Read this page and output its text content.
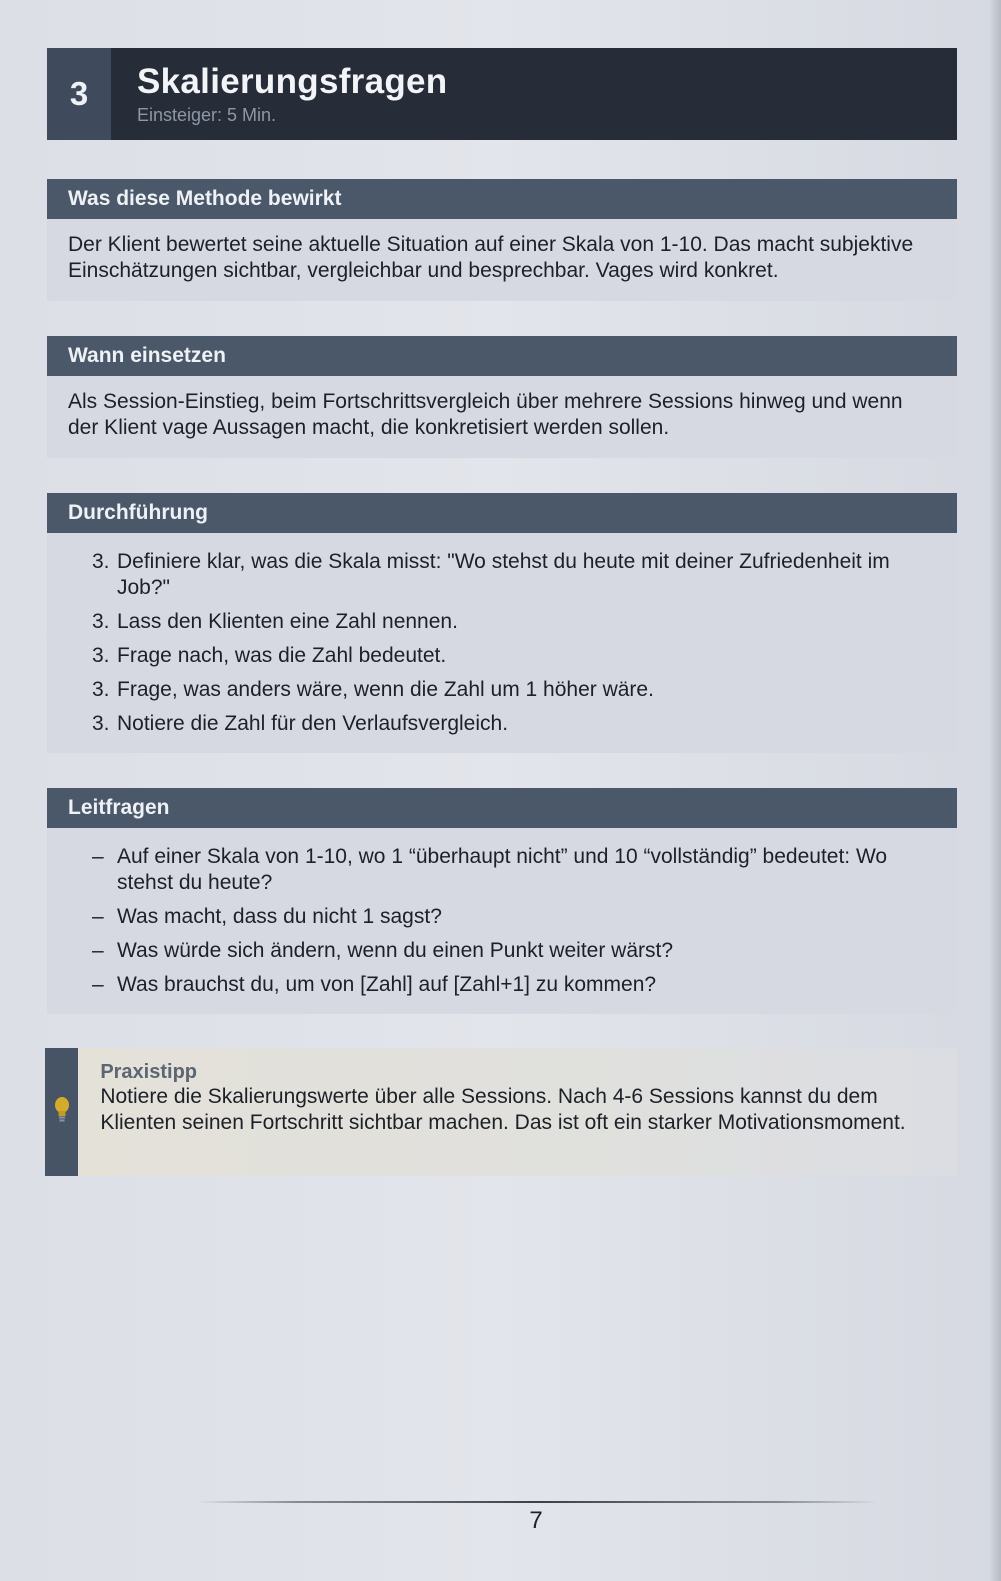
3	Skalierungsfragen
Einsteiger: 5 Min.
Was diese Methode bewirkt

Der Klient bewertet seine aktuelle Situation auf einer Skala von 1-10. Das macht subjektive Einschätzungen sichtbar, vergleichbar und besprechbar. Vages wird konkret.

Wann einsetzen

Als Session-Einstieg, beim Fortschrittsvergleich über mehrere Sessions hinweg und wenn der Klient vage Aussagen macht, die konkretisiert werden sollen.

Durchführung
3. Definiere klar, was die Skala misst: "Wo stehst du heute mit deiner Zufriedenheit im Job?"
3. Lass den Klienten eine Zahl nennen.
3. Frage nach, was die Zahl bedeutet.
3. Frage, was anders wäre, wenn die Zahl um 1 höher wäre.
3. Notiere die Zahl für den Verlaufsvergleich.
Leitfragen
– Auf einer Skala von 1-10, wo 1 “überhaupt nicht” und 10 “vollständig” bedeutet: Wo stehst du heute?
– Was macht, dass du nicht 1 sagst?
– Was würde sich ändern, wenn du einen Punkt weiter wärst?
– Was brauchst du, um von [Zahl] auf [Zahl+1] zu kommen?
Praxistipp
Notiere die Skalierungswerte über alle Sessions. Nach 4-6 Sessions kannst du dem Klienten seinen Fortschritt sichtbar machen. Das ist oft ein starker Motivationsmoment.
7
